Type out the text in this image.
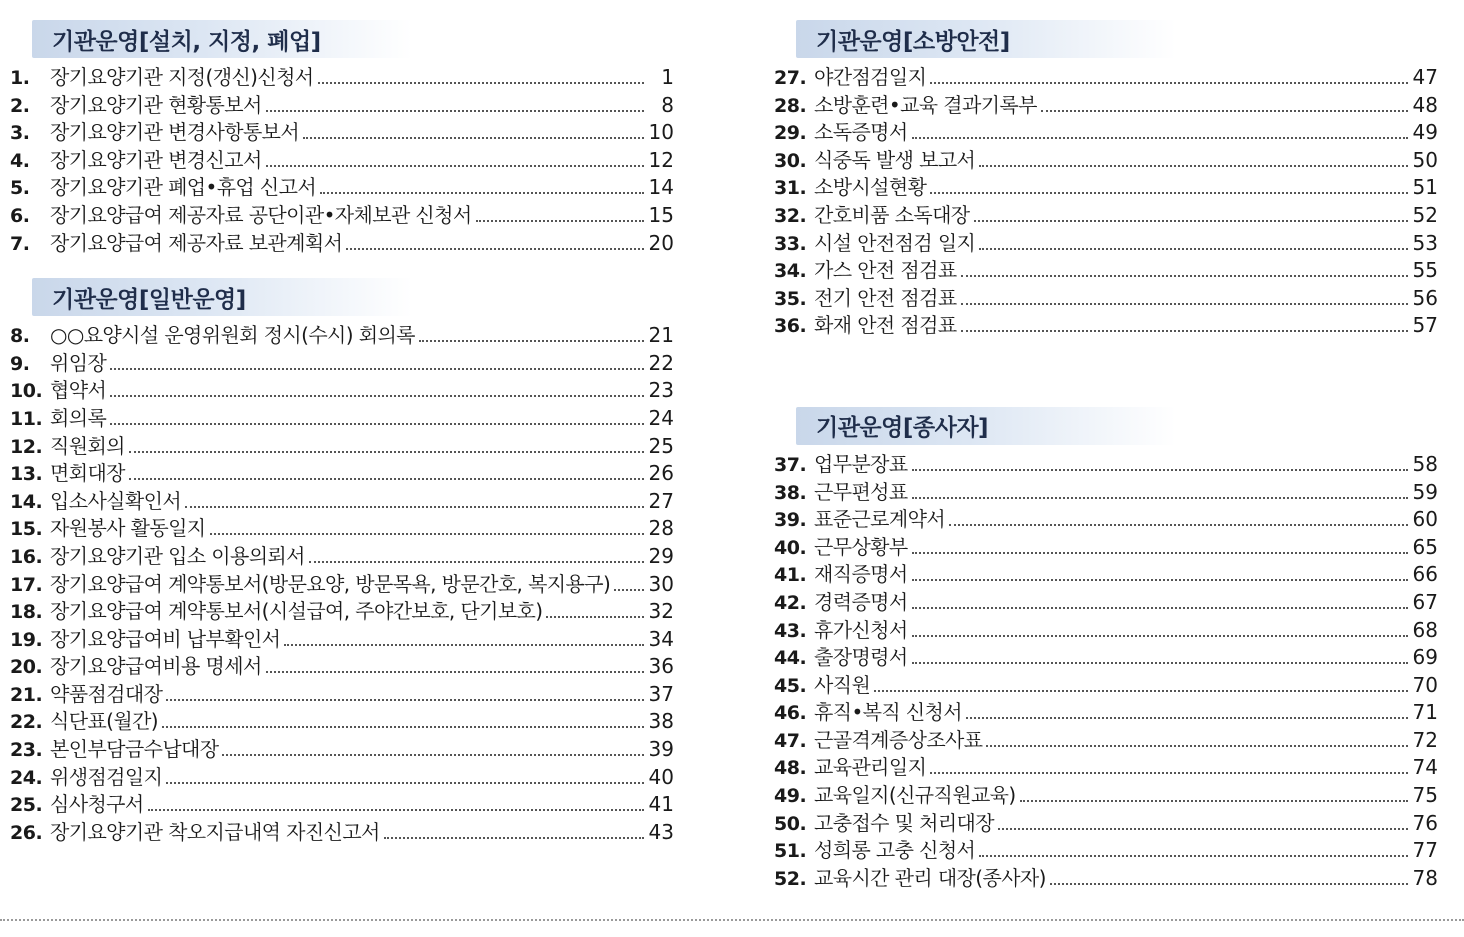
기관운영[설치, 지정, 폐업]
1.	장기요양기관 지정(갱신)신청서	1
2.	장기요양기관 현황통보서	8
3.	장기요양기관 변경사항통보서	10
4.	장기요양기관 변경신고서	12
5.	장기요양기관 폐업•휴업 신고서	14
6.	장기요양급여 제공자료 공단이관•자체보관 신청서	15
7.	장기요양급여 제공자료 보관계획서	20
기관운영[일반운영]
8.	○○요양시설 운영위원회 정시(수시) 회의록	21
9.	위임장	22
10. 협약서	23
11. 회의록	24
12. 직원회의	25
13. 면회대장	26
14. 입소사실확인서	27
15. 자원봉사 활동일지	28
16. 장기요양기관 입소 이용의뢰서	29
17. 장기요양급여 계약통보서(방문요양, 방문목욕, 방문간호, 복지용구) 30
18. 장기요양급여 계약통보서(시설급여, 주야간보호, 단기보호)	32
19. 장기요양급여비 납부확인서	34
20. 장기요양급여비용 명세서	36
21. 약품점검대장	37
22. 식단표(월간)	38
23. 본인부담금수납대장	39
24. 위생점검일지	40
25. 심사청구서	41
26. 장기요양기관 착오지급내역 자진신고서	43
기관운영[소방안전]
27. 야간점검일지	47
28. 소방훈련•교육 결과기록부	48
29. 소독증명서	49
30. 식중독 발생 보고서	50
31. 소방시설현황	51
32. 간호비품 소독대장	52
33. 시설 안전점검 일지	53
34. 가스 안전 점검표	55
35. 전기 안전 점검표	56
36. 화재 안전 점검표	57
기관운영[종사자]
37. 업무분장표	58
38. 근무편성표	59
39. 표준근로계약서	60
40. 근무상황부	65
41. 재직증명서	66
42. 경력증명서	67
43. 휴가신청서	68
44. 출장명령서	69
45. 사직원	70
46. 휴직•복직 신청서	71
47. 근골격계증상조사표	72
48. 교육관리일지	74
49. 교육일지(신규직원교육)	75
50. 고충접수 및 처리대장	76
51. 성희롱 고충 신청서	77
52. 교육시간 관리 대장(종사자)	78
